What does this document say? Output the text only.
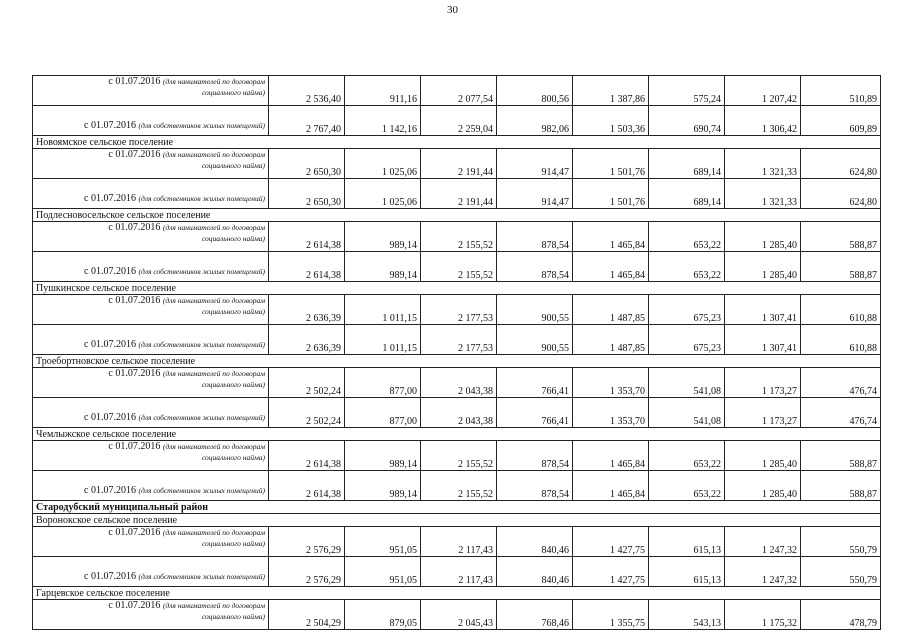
30
с 01.07.2016 (для нанимателей по договорам
социального найма)	2 536,40	911,16	2 077,54	800,56	1 387,86	575,24	1 207,42	510,89

с 01.07.2016 (для собственников жилых помещений)	2 767,40	1 142,16	2 259,04	982,06	1 503,36	690,74	1 306,42	609,89
Новоямское сельское поселение								

с 01.07.2016 (для нанимателей по договорам
социального найма)	2 650,30	1 025,06	2 191,44	914,47	1 501,76	689,14	1 321,33	624,80

с 01.07.2016 (для собственников жилых помещений)	2 650,30	1 025,06	2 191,44	914,47	1 501,76	689,14	1 321,33	624,80
Подлесновосельское сельское поселение								

с 01.07.2016 (для нанимателей по договорам
социального найма)	2 614,38	989,14	2 155,52	878,54	1 465,84	653,22	1 285,40	588,87

с 01.07.2016 (для собственников жилых помещений)	2 614,38	989,14	2 155,52	878,54	1 465,84	653,22	1 285,40	588,87
Пушкинское сельское поселение								

с 01.07.2016 (для нанимателей по договорам
социального найма)	2 636,39	1 011,15	2 177,53	900,55	1 487,85	675,23	1 307,41	610,88

с 01.07.2016 (для собственников жилых помещений)	2 636,39	1 011,15	2 177,53	900,55	1 487,85	675,23	1 307,41	610,88
Троебортновское сельское поселение								

с 01.07.2016 (для нанимателей по договорам
социального найма)	2 502,24	877,00	2 043,38	766,41	1 353,70	541,08	1 173,27	476,74

с 01.07.2016 (для собственников жилых помещений)	2 502,24	877,00	2 043,38	766,41	1 353,70	541,08	1 173,27	476,74
Чемлыжское сельское поселение								

с 01.07.2016 (для нанимателей по договорам
социального найма)	2 614,38	989,14	2 155,52	878,54	1 465,84	653,22	1 285,40	588,87

с 01.07.2016 (для собственников жилых помещений)	2 614,38	989,14	2 155,52	878,54	1 465,84	653,22	1 285,40	588,87
Стародубский муниципальный район								
Воронокское сельское поселение								

с 01.07.2016 (для нанимателей по договорам
социального найма)	2 576,29	951,05	2 117,43	840,46	1 427,75	615,13	1 247,32	550,79

с 01.07.2016 (для собственников жилых помещений)	2 576,29	951,05	2 117,43	840,46	1 427,75	615,13	1 247,32	550,79
Гарцевское сельское поселение								

с 01.07.2016 (для нанимателей по договорам
социального найма)	2 504,29	879,05	2 045,43	768,46	1 355,75	543,13	1 175,32	478,79
